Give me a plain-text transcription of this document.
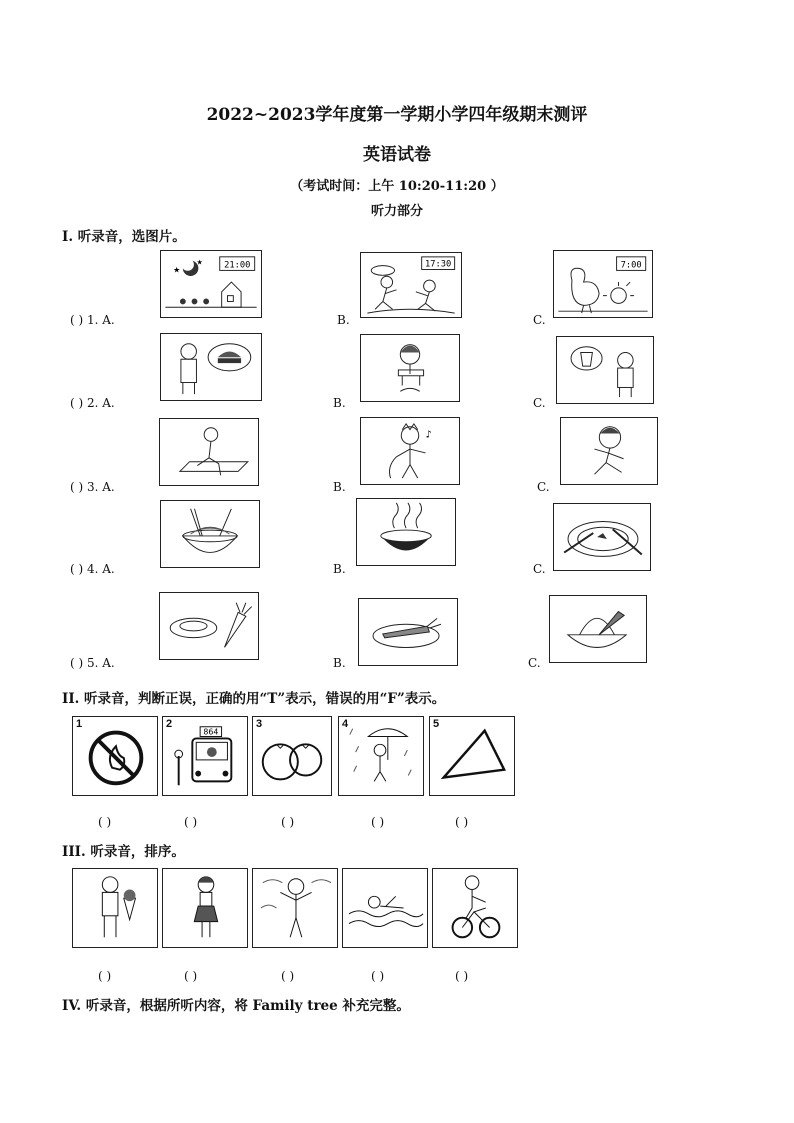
2022~2023学年度第一学期小学四年级期末测评
英语试卷
（考试时间：上午 10:20-11:20 ）
听力部分
I. 听录音，选图片。
( ) 1. A.
21:00
★
★
B.
17:30
C.
7:00
( ) 2. A.	B.	C.
( ) 3. A.	B.
♪
C.
( ) 4. A.	B.	C.
( ) 5. A.	B.	C.
II. 听录音，判断正误，正确的用“T”表示，错误的用“F”表示。
1	2
864
3	4	5
( )	( )	( )	( )	( )
III. 听录音，排序。
( )	( )	( )	( )	( )
IV. 听录音，根据所听内容，将 Family tree 补充完整。
